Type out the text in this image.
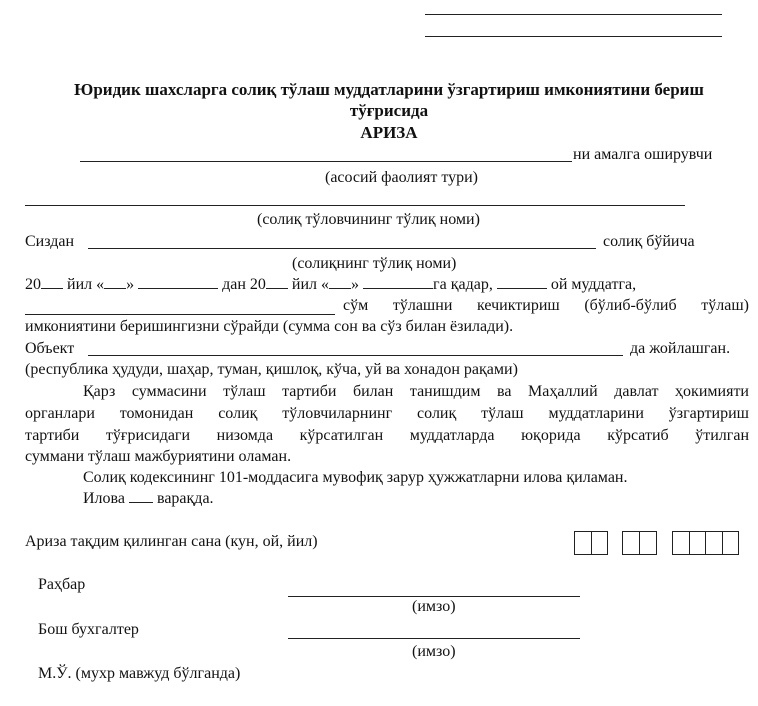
Юридик шахсларга солиқ тўлаш муддатларини ўзгартириш имкониятини бериш
тўғрисида
АРИЗА
ни амалга оширувчи
(асосий фаолият тури)
(солиқ тўловчининг тўлиқ номи)
Сиздан	солиқ бўйича
(солиқнинг тўлиқ номи)
20 йил « »	дан 20 йил « »	га қадар,	ой муддатга,
сўм тўлашни кечиктириш (бўлиб-бўлиб тўлаш)
имкониятини беришингизни сўрайди (сумма сон ва сўз билан ёзилади).
Объект	да жойлашган.
(республика ҳудуди, шаҳар, туман, қишлоқ, кўча, уй ва хонадон рақами)
Қарз суммасини тўлаш тартиби билан танишдим ва Маҳаллий давлат ҳокимияти
органлари томонидан солиқ тўловчиларнинг солиқ тўлаш муддатларини ўзгартириш
тартиби тўғрисидаги низомда кўрсатилган муддатларда юқорида кўрсатиб ўтилган
суммани тўлаш мажбуриятини оламан.
Солиқ кодексининг 101-моддасига мувофиқ зарур ҳужжатларни илова қиламан.
Илова варақда.
Ариза тақдим қилинган сана (кун, ой, йил)
Раҳбар
(имзо)
Бош бухгалтер
(имзо)
М.Ў. (мухр мавжуд бўлганда)
